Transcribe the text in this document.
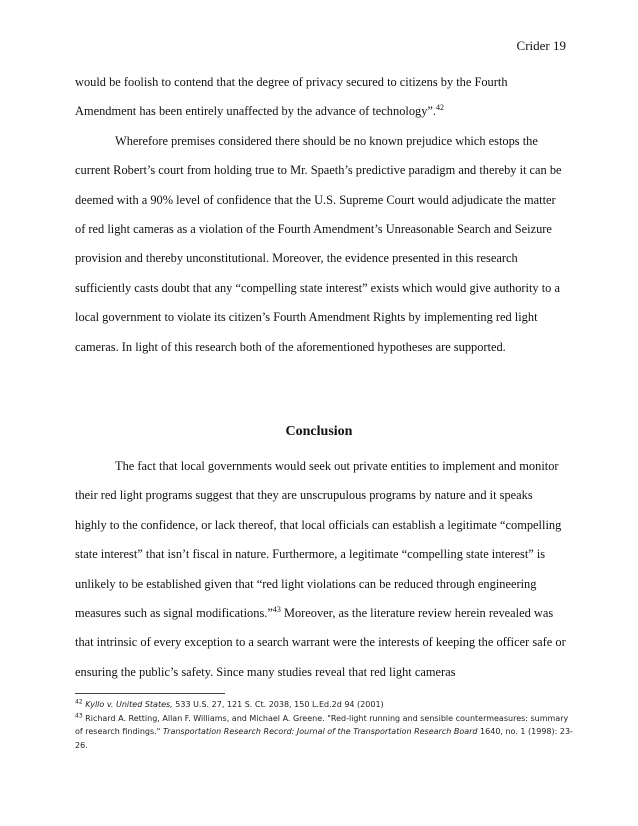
Crider 19

would be foolish to contend that the degree of privacy secured to citizens by the Fourth Amendment has been entirely unaffected by the advance of technology”.$^{42}$

Wherefore premises considered there should be no known prejudice which estops the current Robert’s court from holding true to Mr. Spaeth’s predictive paradigm and thereby it can be deemed with a 90% level of confidence that the U.S. Supreme Court would adjudicate the matter of red light cameras as a violation of the Fourth Amendment’s Unreasonable Search and Seizure provision and thereby unconstitutional. Moreover, the evidence presented in this research sufficiently casts doubt that any “compelling state interest” exists which would give authority to a local government to violate its citizen’s Fourth Amendment Rights by implementing red light cameras. In light of this research both of the aforementioned hypotheses are supported.

Conclusion

The fact that local governments would seek out private entities to implement and monitor their red light programs suggest that they are unscrupulous programs by nature and it speaks highly to the confidence, or lack thereof, that local officials can establish a legitimate “compelling state interest” that isn’t fiscal in nature. Furthermore, a legitimate “compelling state interest” is unlikely to be established given that “red light violations can be reduced through engineering measures such as signal modifications.”$^{43}$ Moreover, as the literature review herein revealed was that intrinsic of every exception to a search warrant were the interests of keeping the officer safe or ensuring the public’s safety. Since many studies reveal that red light cameras

$^{42}$ Kyllo v. United States, 533 U.S. 27, 121 S. Ct. 2038, 150 L.Ed.2d 94 (2001)

$^{43}$ Richard A. Retting, Allan F. Williams, and Michael A. Greene. "Red-light running and sensible countermeasures: summary of research findings." Transportation Research Record: Journal of the Transportation Research Board 1640, no. 1 (1998): 23-26.
